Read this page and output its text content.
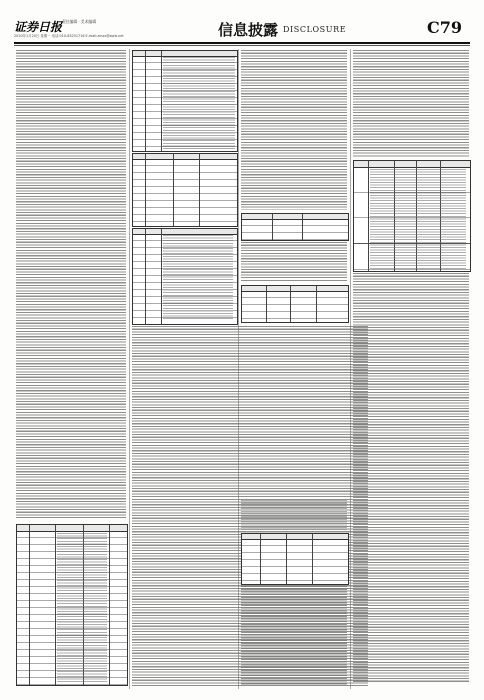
证券日报 责任编辑 · 美术编辑
2020年1月20日 星期一 电话:010-83251716 E-mail:zmzx@zqrb.net	信息披露 DISCLOSURE	C79
